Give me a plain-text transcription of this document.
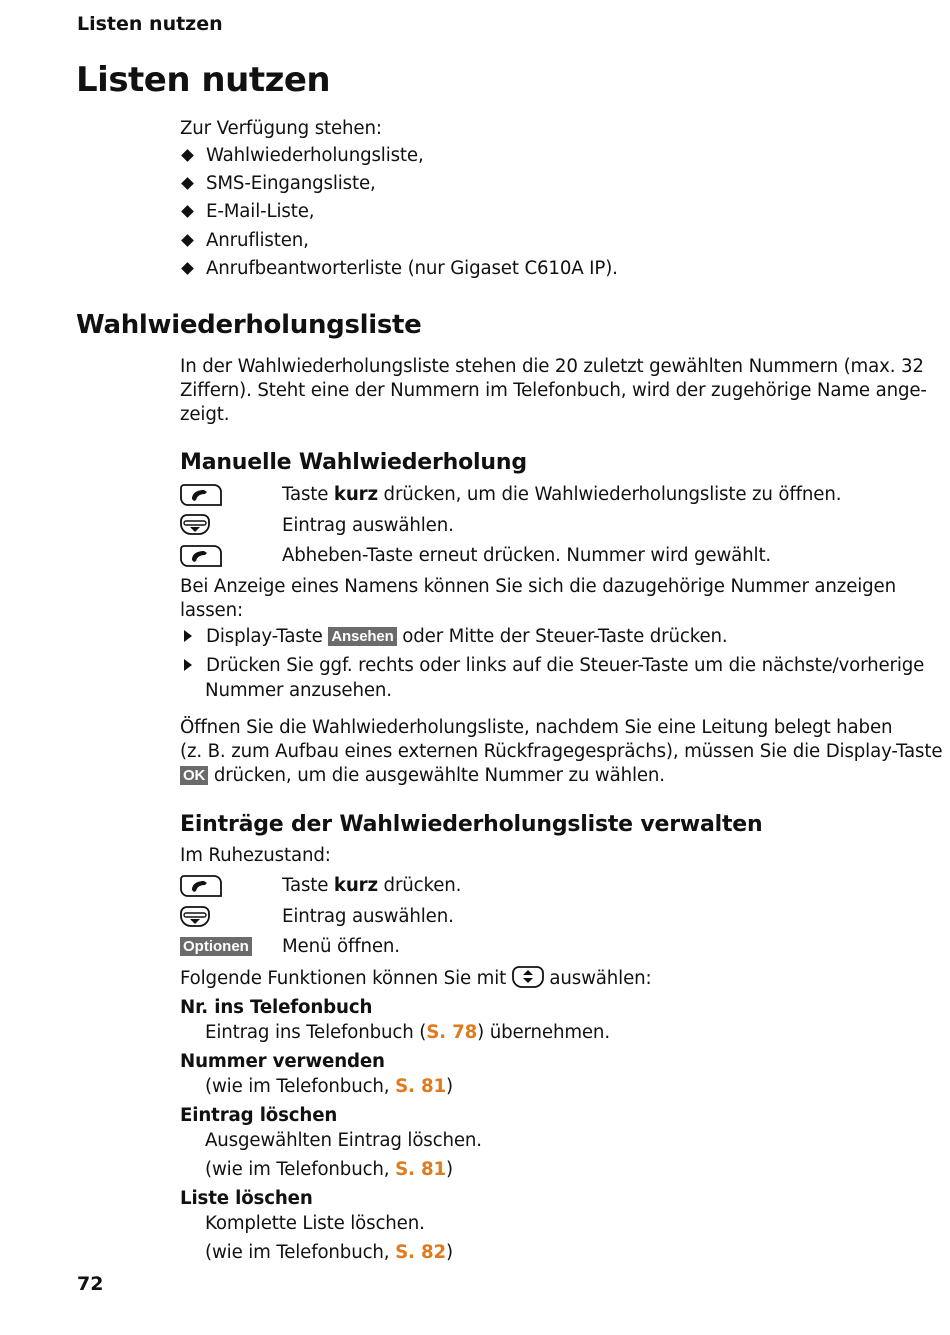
Listen nutzen
Listen nutzen
Zur Verfügung stehen:
Wahlwiederholungsliste,
SMS-Eingangsliste,
E-Mail-Liste,
Anruflisten,
Anrufbeantworterliste (nur Gigaset C610A IP).
Wahlwiederholungsliste
In der Wahlwiederholungsliste stehen die 20 zuletzt gewählten Nummern (max. 32
Ziffern). Steht eine der Nummern im Telefonbuch, wird der zugehörige Name ange-
zeigt.
Manuelle Wahlwiederholung
Taste kurz drücken, um die Wahlwiederholungsliste zu öffnen.
Eintrag auswählen.
Abheben-Taste erneut drücken. Nummer wird gewählt.
Bei Anzeige eines Namens können Sie sich die dazugehörige Nummer anzeigen
lassen:
Display-Taste Ansehen oder Mitte der Steuer-Taste drücken.
Drücken Sie ggf. rechts oder links auf die Steuer-Taste um die nächste/vorherige
Nummer anzusehen.
Öffnen Sie die Wahlwiederholungsliste, nachdem Sie eine Leitung belegt haben
(z. B. zum Aufbau eines externen Rückfragegesprächs), müssen Sie die Display-Taste
OK drücken, um die ausgewählte Nummer zu wählen.
Einträge der Wahlwiederholungsliste verwalten
Im Ruhezustand:
Taste kurz drücken.
Eintrag auswählen.
Optionen Menü öffnen.
Folgende Funktionen können Sie mit  auswählen:
Nr. ins Telefonbuch
Eintrag ins Telefonbuch (S. 78) übernehmen.
Nummer verwenden
(wie im Telefonbuch, S. 81)
Eintrag löschen
Ausgewählten Eintrag löschen.
(wie im Telefonbuch, S. 81)
Liste löschen
Komplette Liste löschen.
(wie im Telefonbuch, S. 82)
72
